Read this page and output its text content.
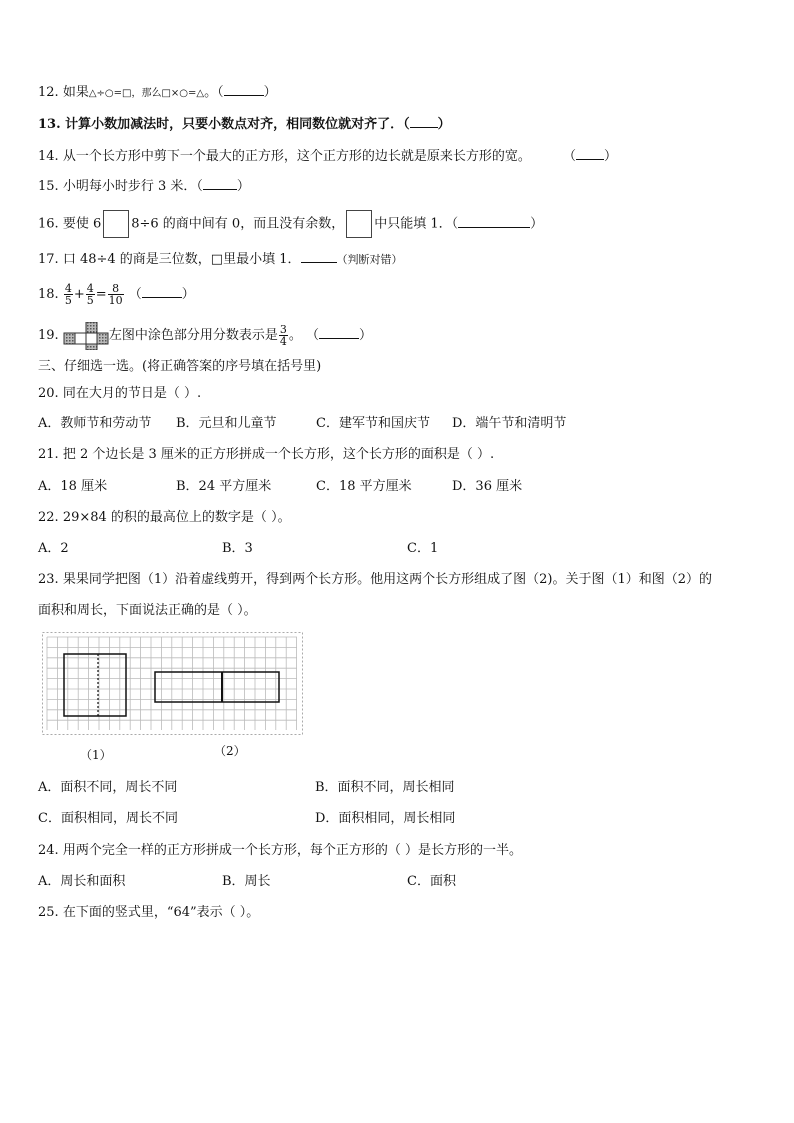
12. 如果△÷○=□，那么□×○=△。（	）
13. 计算小数加减法时，只要小数点对齐，相同数位就对齐了．（ ）
14. 从一个长方形中剪下一个最大的正方形，这个正方形的边长就是原来长方形的宽。 （ ）
15. 小明每小时步行 3 米．（	）
16. 要使 6 8÷6 的商中间有 0，而且没有余数， 中只能填 1．（	）
17. 口 48÷4 的商是三位数，□里最小填 1．	（判断对错）
18. $\frac{4}{5} + \frac{4}{5} = \frac{8}{10}$ （	）
19.	左图中涂色部分用分数表示是 $\frac{3}{4}$ 。 （	）
三、仔细选一选。(将正确答案的序号填在括号里)
20. 同在大月的节日是（ ）.
A．教师节和劳动节 B．元旦和儿童节	C．建军节和国庆节 D．端午节和清明节
21. 把 2 个边长是 3 厘米的正方形拼成一个长方形，这个长方形的面积是（ ）.
A．18 厘米	B．24 平方厘米	C．18 平方厘米	D．36 厘米
22. 29×84 的积的最高位上的数字是（ ）。
A．2	B．3	C．1
23. 果果同学把图（1）沿着虚线剪开，得到两个长方形。他用这两个长方形组成了图（2)。关于图（1）和图（2）的
面积和周长，下面说法正确的是（ ）。
（1）	（2）
A．面积不同，周长不同	B．面积不同，周长相同
C．面积相同，周长不同	D．面积相同，周长相同
24. 用两个完全一样的正方形拼成一个长方形，每个正方形的（ ）是长方形的一半。
A．周长和面积	B．周长	C．面积
25. 在下面的竖式里，“64”表示（ ）。
